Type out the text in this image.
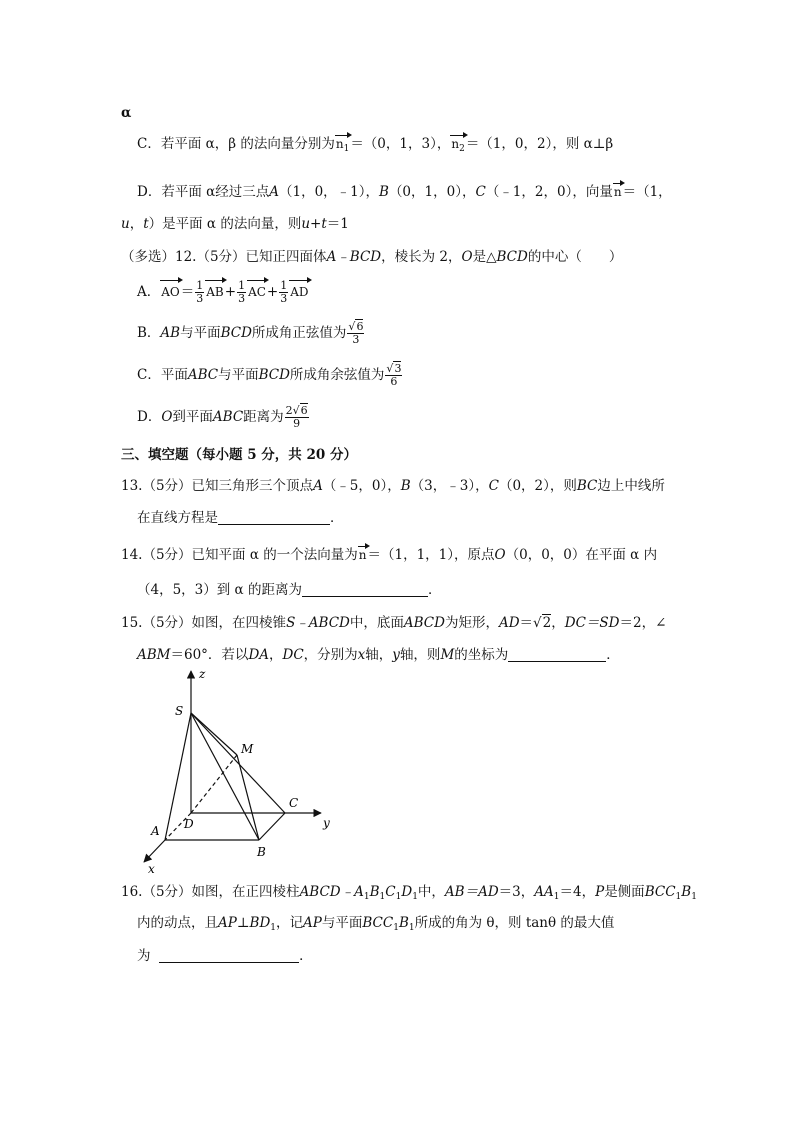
α
C．若平面 α，β 的法向量分别为$n_1=(0$，1，3），$n_2=(1$，0，2），则 α⊥β
D．若平面 α经过三点A（1，0，﹣1），B（0，1，0），C（﹣1，2，0），向量n＝（1，
u，t）是平面 α 的法向量，则u+t＝1
（多选）12.（5分）已知正四面体A﹣BCD，棱长为 2，O是△BCD的中心（　　）
A．$AO= \frac{1}{3} AB+ \frac{1}{3} AC+ \frac{1}{3}$ AD
B．AB与平面BCD所成角正弦值为 $\frac{√6}{3}$
C．平面ABC与平面BCD所成角余弦值为 $\frac{√3}{6}$
D．O到平面ABC距离为 $\frac{2√6}{9}$
三、填空题（每小题 5 分，共 20 分）
13.（5分）已知三角形三个顶点A（﹣5，0），B（3，﹣3），C（0，2），则BC边上中线所
在直线方程是	．
14.（5分）已知平面 α 的一个法向量为n＝（1，1，1），原点O（0，0，0）在平面 α 内
（4，5，3）到 α 的距离为	．
15.（5分）如图，在四棱锥S﹣ABCD中，底面ABCD为矩形，AD＝√2，DC＝SD＝2，∠
ABM＝60°．若以DA，DC，分别为x轴，y轴，则M的坐标为	．
z
S
M
C
y
D
A
B
x
16.（5分）如图，在正四棱柱$ABCD﹣A_1B_1C_1D_1$中，AB＝AD＝3，$AA_1=4$，P是侧面$BCC_1B_1$
内的动点，且$AP\perp BD_1$，记AP与平面$BCC_1B_1$所成的角为 θ，则 tanθ 的最大值
为	．
